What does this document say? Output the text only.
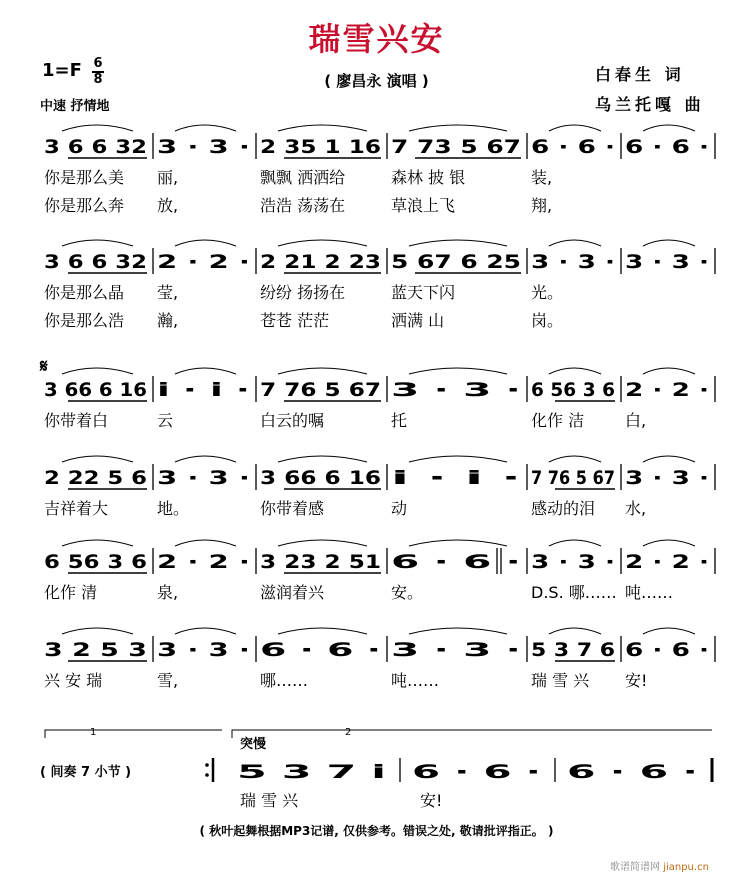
瑞雪兴安
1=F 6
8	( 廖昌永 演唱 )
中速 抒情地
白春生 词
乌兰托嘎 曲
3 6 6 32 3 · 3 · 2 35 1 16 7 73 5 67 6 · 6 · 6 · 6 ·
你是那么美 丽,	飘飘 洒洒给	森林 披 银	装,
你是那么奔 放,	浩浩 荡荡在	草浪上飞	翔,
3 6 6 32 2 · 2 · 2 21 2 23 5 67 6 25 3 · 3 · 3 · 3 ·
你是那么晶 莹,	纷纷 扬扬在	蓝天下闪	光。
你是那么浩 瀚,	苍苍 茫茫	洒满 山	岗。
3 66 6 16 i · i · 7 76 5 67 3 · 3 · 6 56 3 6 2 · 2 ·
你带着白	云	白云的嘱	托	化作 洁	白,
2 22 5 6 3 · 3 · 3 66 6 16 i · i · 7 76 5 67 3 · 3 ·
吉祥着大	地。	你带着感	动	感动的泪 水,
6 56 3 6 2 · 2 · 3 23 2 51 6 · 6 · 3 · 3 · 2 · 2 ·
化作 清	泉,	滋润着兴	安。	D.S. 哪…… 吨……
3 2 5 3 3 · 3 · 6 · 6 · 3 · 3 · 5 3 7 6 6 · 6 ·
兴 安 瑞	雪,	哪……	吨……	瑞 雪 兴 安!
𝄋
1	2
( 间奏 7 小节 )
突慢
5 3 7 i 6 · 6 · 6 · 6 ·
瑞 雪 兴	安!
( 秋叶起舞根据MP3记谱, 仅供参考。错误之处, 敬请批评指正。 )
歌谱简谱网 jianpu.cn
